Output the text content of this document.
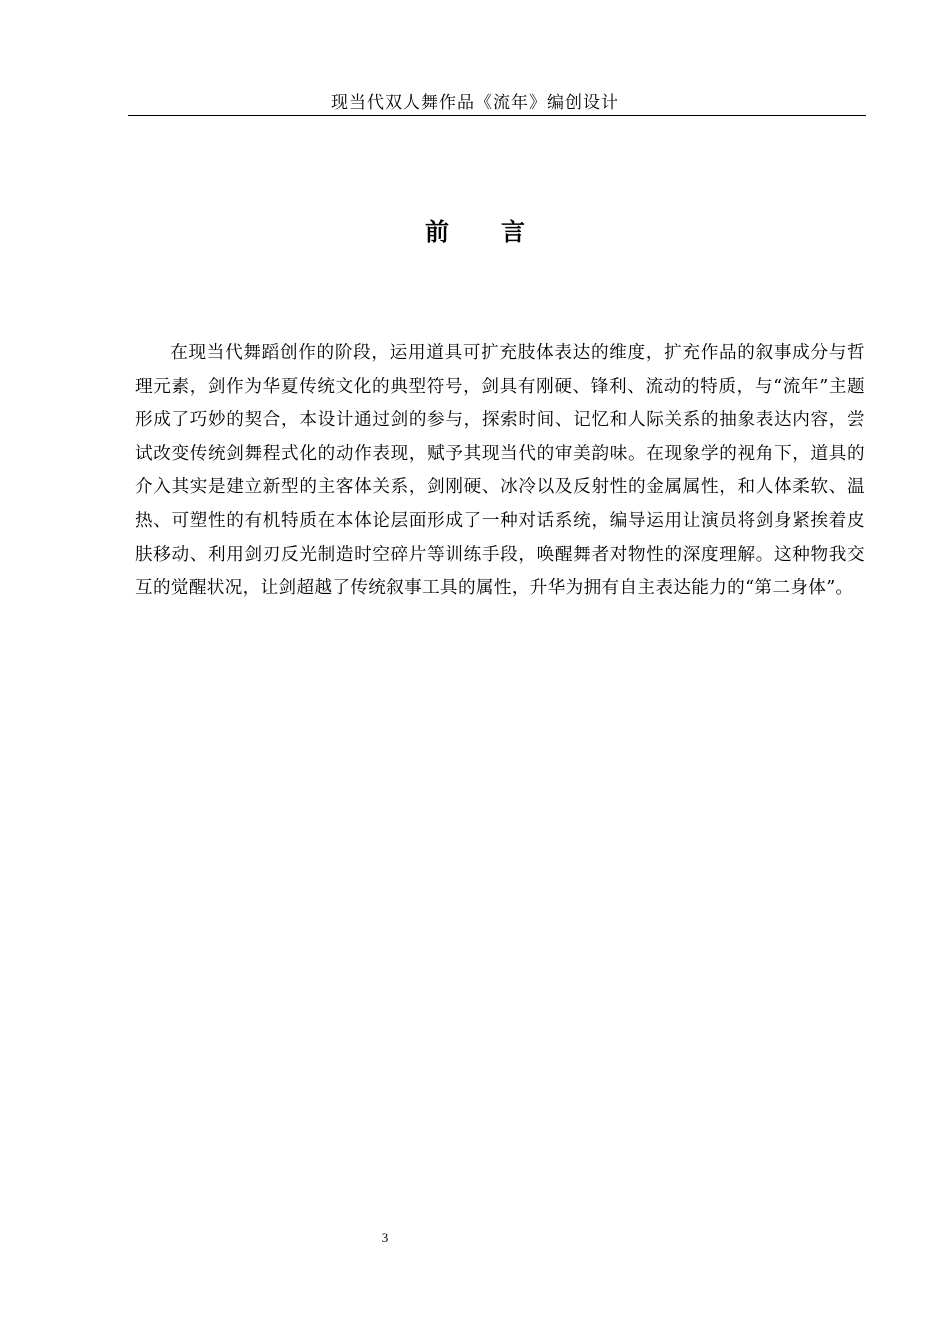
现当代双人舞作品《流年》编创设计
前 言

在现当代舞蹈创作的阶段，运用道具可扩充肢体表达的维度，扩充作品的叙事成分与哲理元素，剑作为华夏传统文化的典型符号，剑具有刚硬、锋利、流动的特质，与“流年”主题形成了巧妙的契合，本设计通过剑的参与，探索时间、记忆和人际关系的抽象表达内容，尝试改变传统剑舞程式化的动作表现，赋予其现当代的审美韵味。在现象学的视角下，道具的介入其实是建立新型的主客体关系，剑刚硬、冰冷以及反射性的金属属性，和人体柔软、温热、可塑性的有机特质在本体论层面形成了一种对话系统，编导运用让演员将剑身紧挨着皮肤移动、利用剑刃反光制造时空碎片等训练手段，唤醒舞者对物性的深度理解。这种物我交互的觉醒状况，让剑超越了传统叙事工具的属性，升华为拥有自主表达能力的“第二身体”。

3
